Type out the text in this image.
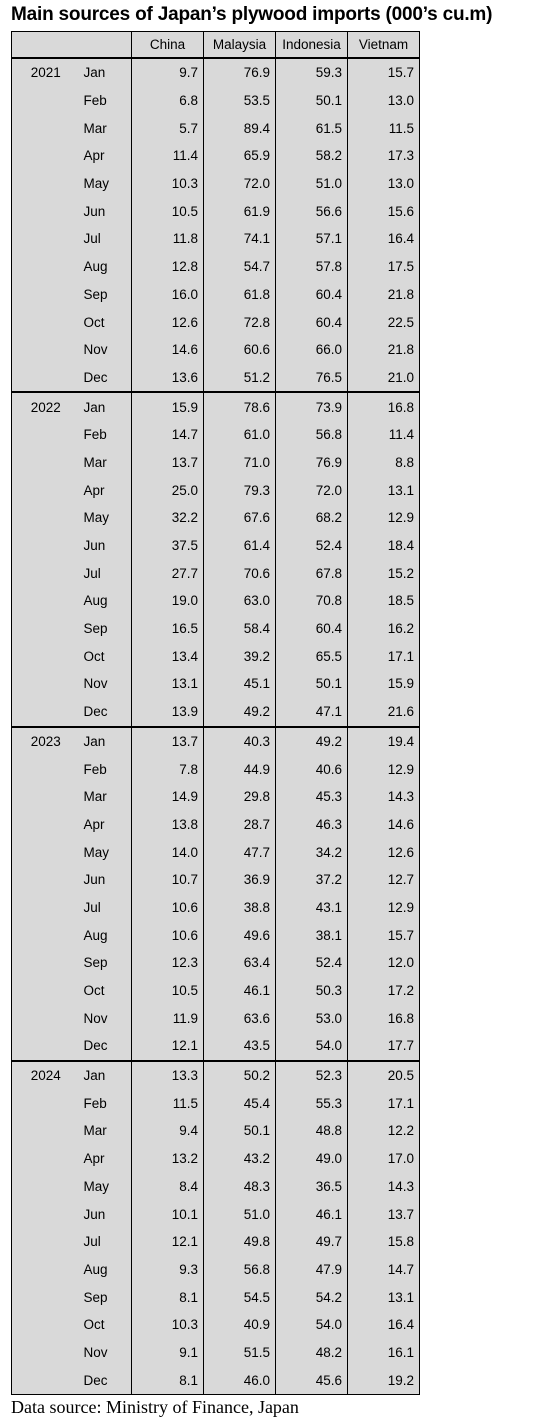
Main sources of Japan’s plywood imports (000’s cu.m)
		China	Malaysia	Indonesia	Vietnam
2021	Jan	9.7	76.9	59.3	15.7
	Feb	6.8	53.5	50.1	13.0
	Mar	5.7	89.4	61.5	11.5
	Apr	11.4	65.9	58.2	17.3
	May	10.3	72.0	51.0	13.0
	Jun	10.5	61.9	56.6	15.6
	Jul	11.8	74.1	57.1	16.4
	Aug	12.8	54.7	57.8	17.5
	Sep	16.0	61.8	60.4	21.8
	Oct	12.6	72.8	60.4	22.5
	Nov	14.6	60.6	66.0	21.8
	Dec	13.6	51.2	76.5	21.0
2022	Jan	15.9	78.6	73.9	16.8
	Feb	14.7	61.0	56.8	11.4
	Mar	13.7	71.0	76.9	8.8
	Apr	25.0	79.3	72.0	13.1
	May	32.2	67.6	68.2	12.9
	Jun	37.5	61.4	52.4	18.4
	Jul	27.7	70.6	67.8	15.2
	Aug	19.0	63.0	70.8	18.5
	Sep	16.5	58.4	60.4	16.2
	Oct	13.4	39.2	65.5	17.1
	Nov	13.1	45.1	50.1	15.9
	Dec	13.9	49.2	47.1	21.6
2023	Jan	13.7	40.3	49.2	19.4
	Feb	7.8	44.9	40.6	12.9
	Mar	14.9	29.8	45.3	14.3
	Apr	13.8	28.7	46.3	14.6
	May	14.0	47.7	34.2	12.6
	Jun	10.7	36.9	37.2	12.7
	Jul	10.6	38.8	43.1	12.9
	Aug	10.6	49.6	38.1	15.7
	Sep	12.3	63.4	52.4	12.0
	Oct	10.5	46.1	50.3	17.2
	Nov	11.9	63.6	53.0	16.8
	Dec	12.1	43.5	54.0	17.7
2024	Jan	13.3	50.2	52.3	20.5
	Feb	11.5	45.4	55.3	17.1
	Mar	9.4	50.1	48.8	12.2
	Apr	13.2	43.2	49.0	17.0
	May	8.4	48.3	36.5	14.3
	Jun	10.1	51.0	46.1	13.7
	Jul	12.1	49.8	49.7	15.8
	Aug	9.3	56.8	47.9	14.7
	Sep	8.1	54.5	54.2	13.1
	Oct	10.3	40.9	54.0	16.4
	Nov	9.1	51.5	48.2	16.1
	Dec	8.1	46.0	45.6	19.2
Data source: Ministry of Finance, Japan
